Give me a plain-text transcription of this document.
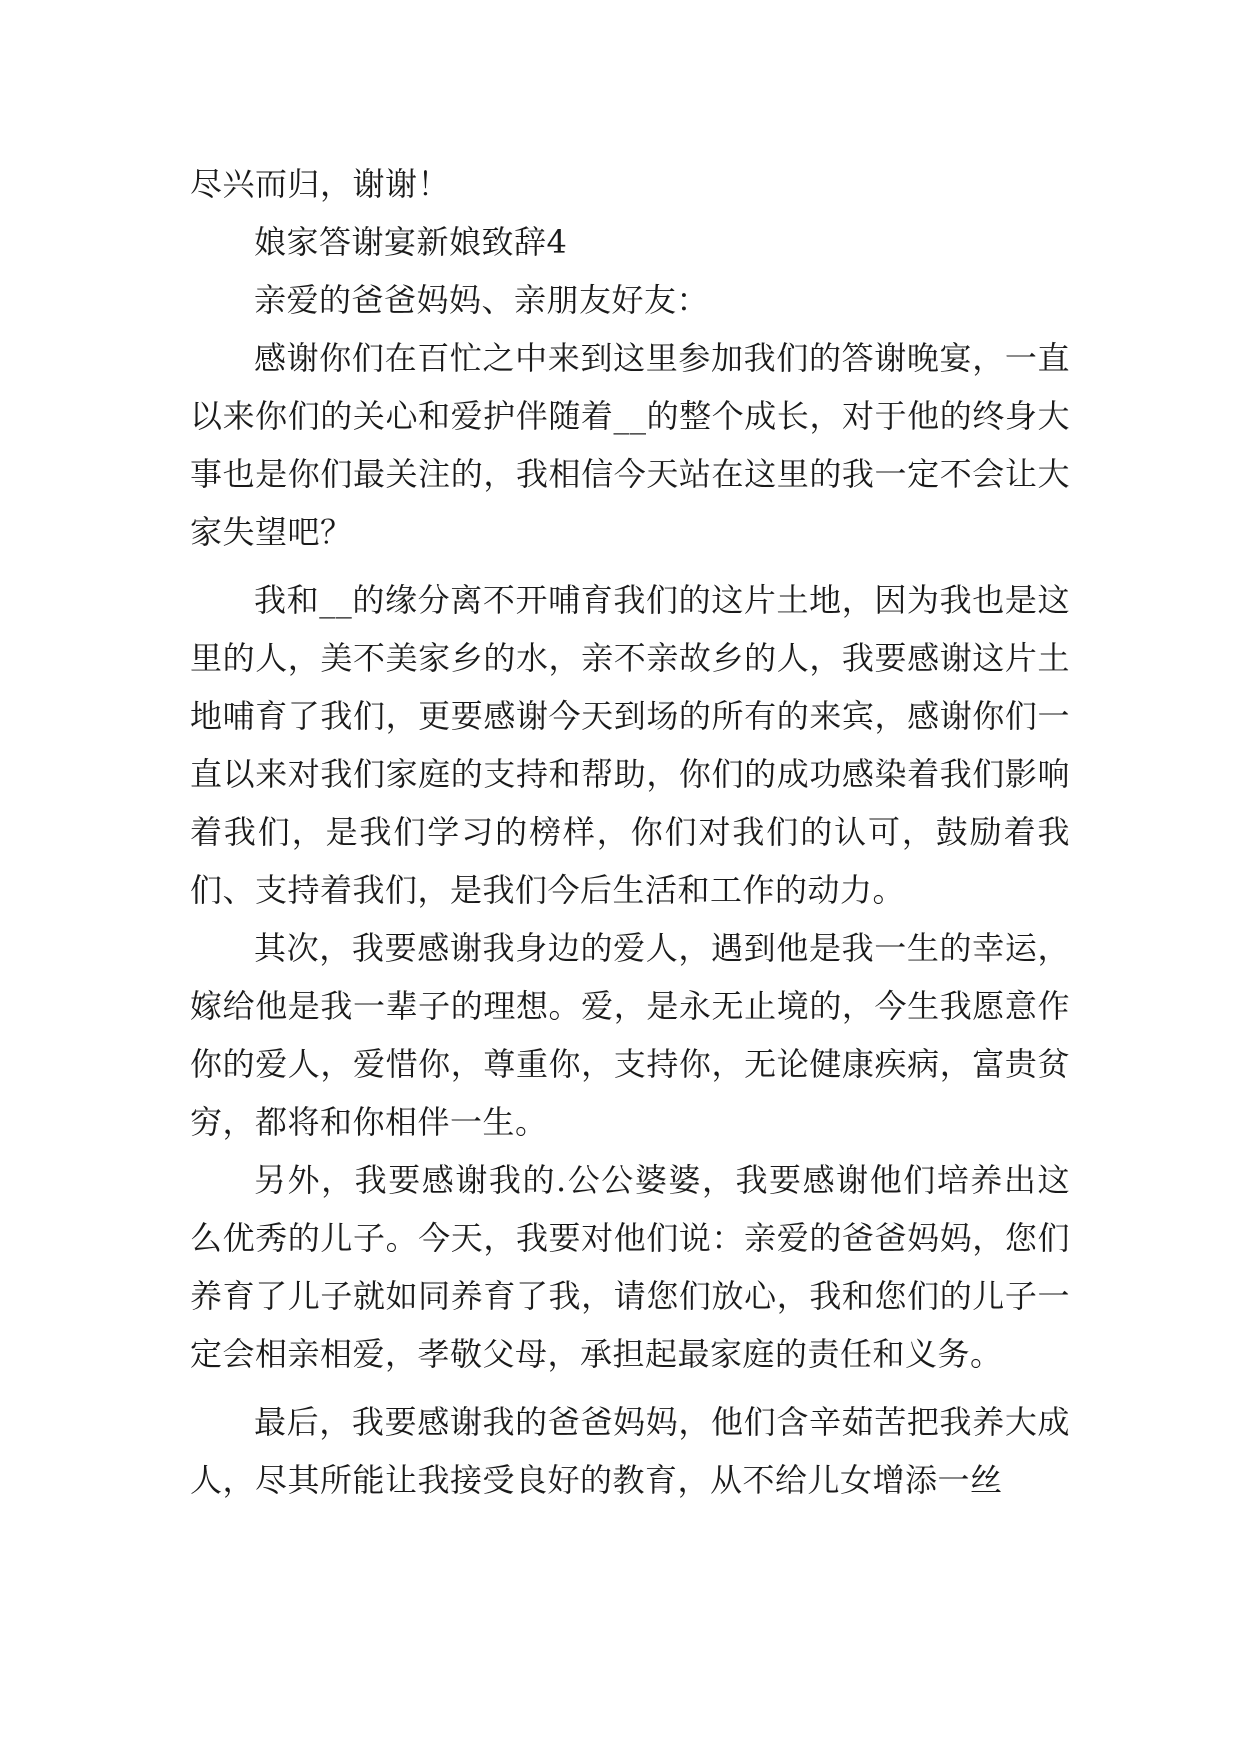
尽兴而归，谢谢！

娘家答谢宴新娘致辞4

亲爱的爸爸妈妈、亲朋友好友：

感谢你们在百忙之中来到这里参加我们的答谢晚宴，一直以来你们的关心和爱护伴随着__的整个成长，对于他的终身大事也是你们最关注的，我相信今天站在这里的我一定不会让大家失望吧？

我和__的缘分离不开哺育我们的这片土地，因为我也是这里的人，美不美家乡的水，亲不亲故乡的人，我要感谢这片土地哺育了我们，更要感谢今天到场的所有的来宾，感谢你们一直以来对我们家庭的支持和帮助，你们的成功感染着我们影响着我们，是我们学习的榜样，你们对我们的认可，鼓励着我们、支持着我们，是我们今后生活和工作的动力。

其次，我要感谢我身边的爱人，遇到他是我一生的幸运，嫁给他是我一辈子的理想。爱，是永无止境的，今生我愿意作你的爱人，爱惜你，尊重你，支持你，无论健康疾病，富贵贫穷，都将和你相伴一生。

另外，我要感谢我的.公公婆婆，我要感谢他们培养出这么优秀的儿子。今天，我要对他们说：亲爱的爸爸妈妈，您们养育了儿子就如同养育了我，请您们放心，我和您们的儿子一定会相亲相爱，孝敬父母，承担起最家庭的责任和义务。

最后，我要感谢我的爸爸妈妈，他们含辛茹苦把我养大成人，尽其所能让我接受良好的教育，从不给儿女增添一丝
